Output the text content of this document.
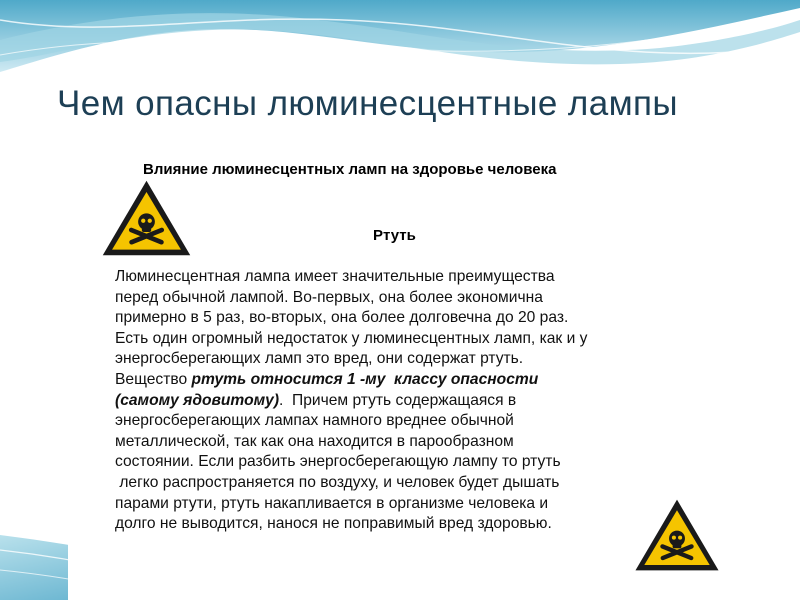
Чем опасны люминесцентные лампы
Влияние люминесцентных ламп на здоровье человека
Ртуть
Люминесцентная лампа имеет значительные преимущества
перед обычной лампой. Во-первых, она более экономична
примерно в 5 раз, во-вторых, она более долговечна до 20 раз.
Есть один огромный недостаток у люминесцентных ламп, как и у
энергосберегающих ламп это вред, они содержат ртуть.
Вещество ртуть относится 1 -му  классу опасности
(самому ядовитому).  Причем ртуть содержащаяся в
энергосберегающих лампах намного вреднее обычной
металлической, так как она находится в парообразном
состоянии. Если разбить энергосберегающую лампу то ртуть
легко распространяется по воздуху, и человек будет дышать
парами ртути, ртуть накапливается в организме человека и
долго не выводится, нанося не поправимый вред здоровью.
